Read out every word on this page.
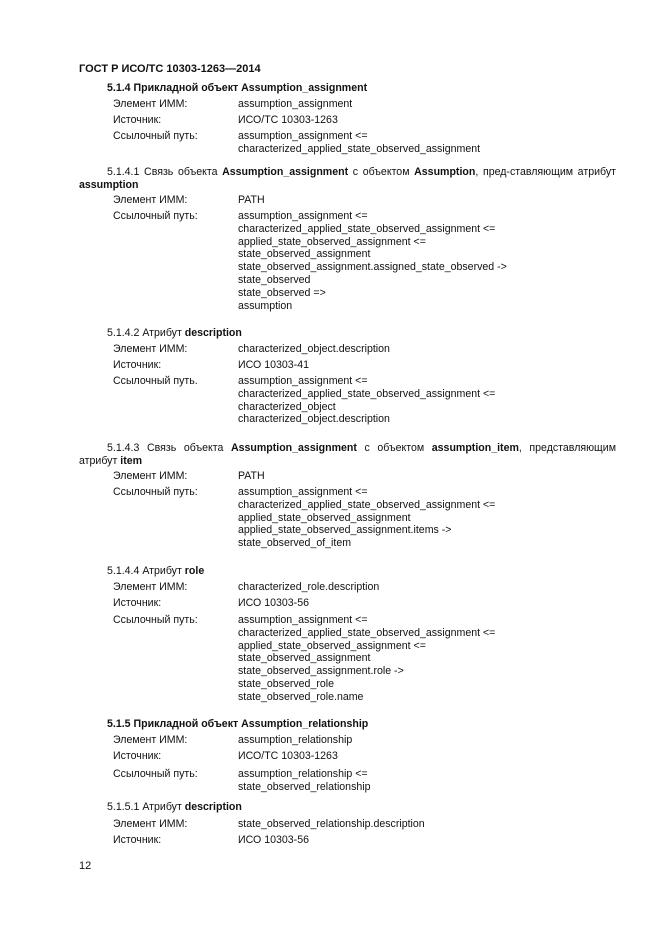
ГОСТ Р ИСО/ТС 10303-1263—2014
5.1.4 Прикладной объект Assumption_assignment
Элемент ИММ:	assumption_assignment
Источник:	ИСО/ТС 10303-1263
Ссылочный путь:	assumption_assignment <=
characterized_applied_state_observed_assignment
5.1.4.1 Связь объекта Assumption_assignment с объектом Assumption, пред-ставляющим атрибут assumption
Элемент ИММ:	PATH
Ссылочный путь:	assumption_assignment <=
characterized_applied_state_observed_assignment <=
applied_state_observed_assignment <=
state_observed_assignment
state_observed_assignment.assigned_state_observed ->
state_observed
state_observed =>
assumption
5.1.4.2 Атрибут description
Элемент ИММ:	characterized_object.description
Источник:	ИСО 10303-41
Ссылочный путь.	assumption_assignment <=
characterized_applied_state_observed_assignment <=
characterized_object
characterized_object.description
5.1.4.3 Связь объекта Assumption_assignment с объектом assumption_item, представляющим атрибут item
Элемент ИММ:	PATH
Ссылочный путь:	assumption_assignment <=
characterized_applied_state_observed_assignment <=
applied_state_observed_assignment
applied_state_observed_assignment.items ->
state_observed_of_item
5.1.4.4 Атрибут role
Элемент ИММ:	characterized_role.description
Источник:	ИСО 10303-56
Ссылочный путь:	assumption_assignment <=
characterized_applied_state_observed_assignment <=
applied_state_observed_assignment <=
state_observed_assignment
state_observed_assignment.role ->
state_observed_role
state_observed_role.name
5.1.5 Прикладной объект Assumption_relationship
Элемент ИММ:	assumption_relationship
Источник:	ИСО/ТС 10303-1263
Ссылочный путь:	assumption_relationship <=
state_observed_relationship
5.1.5.1 Атрибут description
Элемент ИММ:	state_observed_relationship.description
Источник:	ИСО 10303-56
12
